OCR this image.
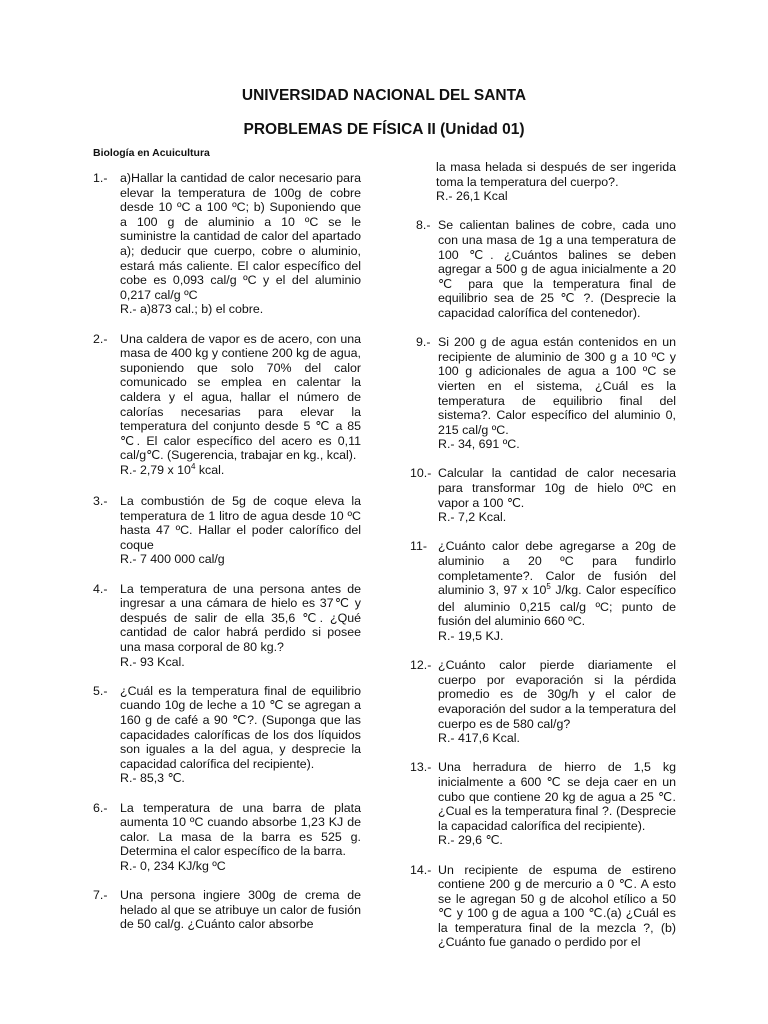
UNIVERSIDAD NACIONAL DEL SANTA
PROBLEMAS DE FÍSICA II (Unidad 01)
Biología en Acuicultura
1.- a)Hallar la cantidad de calor necesario para elevar la temperatura de 100g de cobre desde 10 ºC a 100 ºC; b) Suponiendo que a 100 g de aluminio a 10 ºC se le suministre la cantidad de calor del apartado a); deducir que cuerpo, cobre o aluminio, estará más caliente. El calor específico del cobe es 0,093 cal/g ºC y el del aluminio 0,217 cal/g ºC

R.- a)873 cal.; b) el cobre.

2.- Una caldera de vapor es de acero, con una masa de 400 kg y contiene 200 kg de agua, suponiendo que solo 70% del calor comunicado se emplea en calentar la caldera y el agua, hallar el número de calorías necesarias para elevar la temperatura del conjunto desde 5 ℃ a 85 ℃. El calor específico del acero es 0,11 cal/g℃. (Sugerencia, trabajar en kg., kcal).

R.- 2,79 x $10^4$ kcal.

3.- La combustión de 5g de coque eleva la temperatura de 1 litro de agua desde 10 ºC hasta 47 ºC. Hallar el poder calorífico del coque

R.- 7 400 000 cal/g

4.- La temperatura de una persona antes de ingresar a una cámara de hielo es 37℃ y después de salir de ella 35,6 ℃. ¿Qué cantidad de calor habrá perdido si posee una masa corporal de 80 kg.?

R.- 93 Kcal.

5.- ¿Cuál es la temperatura final de equilibrio cuando 10g de leche a 10 ℃ se agregan a 160 g de café a 90 ℃?. (Suponga que las capacidades caloríficas de los dos líquidos son iguales a la del agua, y desprecie la capacidad calorífica del recipiente).

R.- 85,3 ℃.

6.- La temperatura de una barra de plata aumenta 10 ºC cuando absorbe 1,23 KJ de calor. La masa de la barra es 525 g. Determina el calor específico de la barra.

R.- 0, 234 KJ/kg ºC

7.- Una persona ingiere 300g de crema de helado al que se atribuye un calor de fusión de 50 cal/g. ¿Cuánto calor absorbe

la masa helada si después de ser ingerida toma la temperatura del cuerpo?.

R.- 26,1 Kcal

8.- Se calientan balines de cobre, cada uno con una masa de 1g a una temperatura de 100 ℃. ¿Cuántos balines se deben agregar a 500 g de agua inicialmente a 20 ℃ para que la temperatura final de equilibrio sea de 25 ℃ ?. (Desprecie la capacidad calorífica del contenedor).

9.- Si 200 g de agua están contenidos en un recipiente de aluminio de 300 g a 10 ºC y 100 g adicionales de agua a 100 ºC se vierten en el sistema, ¿Cuál es la temperatura de equilibrio final del sistema?. Calor específico del aluminio 0, 215 cal/g ºC.

R.- 34, 691 ºC.

10.- Calcular la cantidad de calor necesaria para transformar 10g de hielo 0ºC en vapor a 100 ℃.

R.- 7,2 Kcal.

11- ¿Cuánto calor debe agregarse a 20g de aluminio a 20 ºC para fundirlo completamente?. Calor de fusión del aluminio 3, 97 x $10^5$ J/kg. Calor específico del aluminio 0,215 cal/g ºC; punto de fusión del aluminio 660 ºC.

R.- 19,5 KJ.

12.- ¿Cuánto calor pierde diariamente el cuerpo por evaporación si la pérdida promedio es de 30g/h y el calor de evaporación del sudor a la temperatura del cuerpo es de 580 cal/g?

R.- 417,6 Kcal.

13.- Una herradura de hierro de 1,5 kg inicialmente a 600 ℃ se deja caer en un cubo que contiene 20 kg de agua a 25 ℃. ¿Cual es la temperatura final ?. (Desprecie la capacidad calorífica del recipiente).

R.- 29,6 ℃.

14.- Un recipiente de espuma de estireno contiene 200 g de mercurio a 0 ℃. A esto se le agregan 50 g de alcohol etílico a 50 ℃ y 100 g de agua a 100 ℃.(a) ¿Cuál es la temperatura final de la mezcla ?, (b)¿Cuánto fue ganado o perdido por el
